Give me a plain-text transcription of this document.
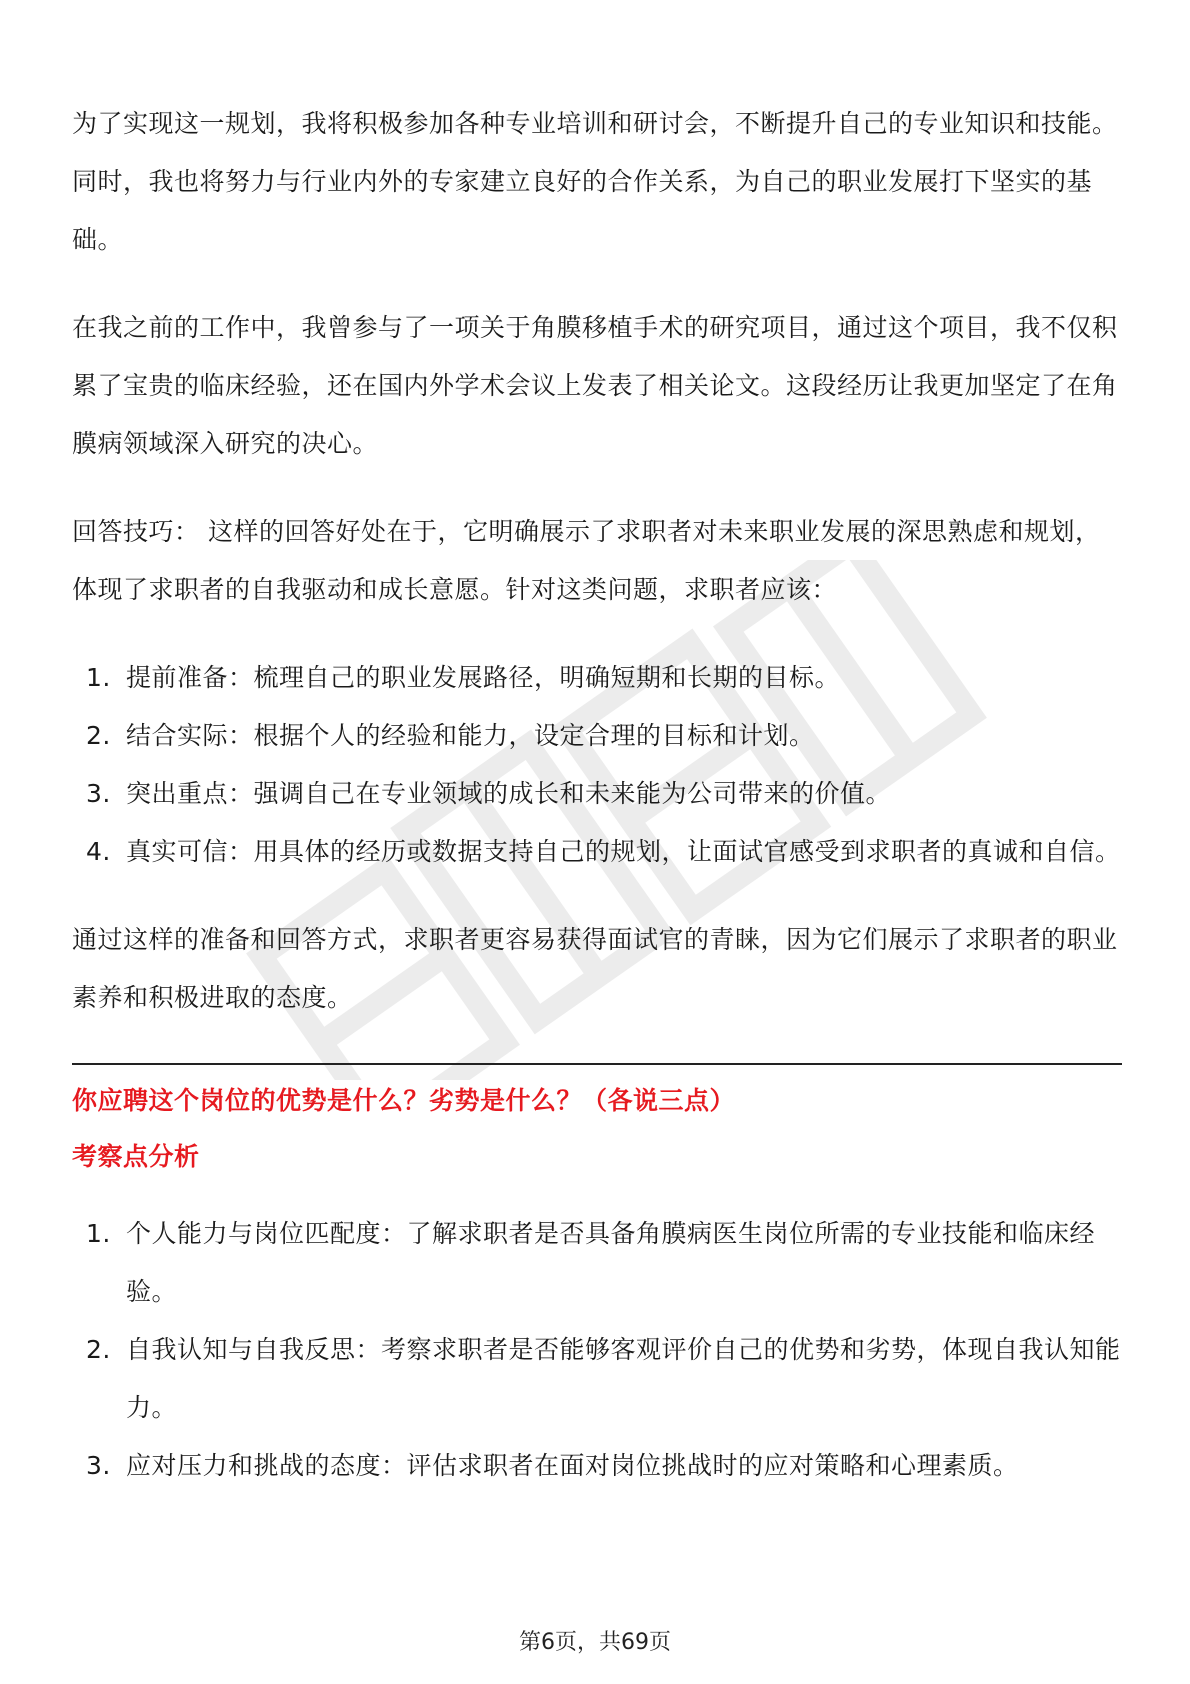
为了实现这一规划，我将积极参加各种专业培训和研讨会，不断提升自己的专业知识和技能。同时，我也将努力与行业内外的专家建立良好的合作关系，为自己的职业发展打下坚实的基础。

在我之前的工作中，我曾参与了一项关于角膜移植手术的研究项目，通过这个项目，我不仅积累了宝贵的临床经验，还在国内外学术会议上发表了相关论文。这段经历让我更加坚定了在角膜病领域深入研究的决心。

回答技巧： 这样的回答好处在于，它明确展示了求职者对未来职业发展的深思熟虑和规划，体现了求职者的自我驱动和成长意愿。针对这类问题，求职者应该：

1. 提前准备：梳理自己的职业发展路径，明确短期和长期的目标。
2. 结合实际：根据个人的经验和能力，设定合理的目标和计划。
3. 突出重点：强调自己在专业领域的成长和未来能为公司带来的价值。
4. 真实可信：用具体的经历或数据支持自己的规划，让面试官感受到求职者的真诚和自信。

通过这样的准备和回答方式，求职者更容易获得面试官的青睐，因为它们展示了求职者的职业素养和积极进取的态度。

你应聘这个岗位的优势是什么？劣势是什么？（各说三点）

考察点分析

1. 个人能力与岗位匹配度：了解求职者是否具备角膜病医生岗位所需的专业技能和临床经验。
2. 自我认知与自我反思：考察求职者是否能够客观评价自己的优势和劣势，体现自我认知能力。
3. 应对压力和挑战的态度：评估求职者在面对岗位挑战时的应对策略和心理素质。
第6页，共69页
